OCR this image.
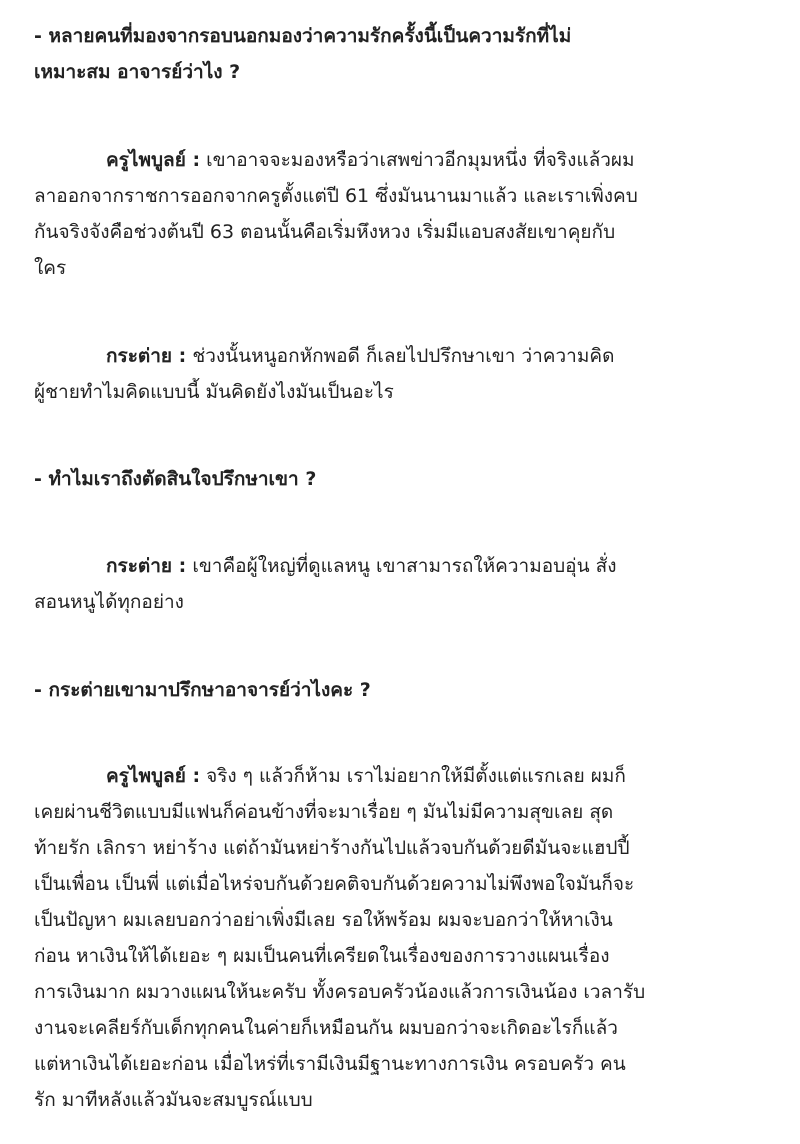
- หลายคนที่มองจากรอบนอกมองว่าความรักครั้งนี้เป็นความรักที่ไม่
เหมาะสม อาจารย์ว่าไง ?

ครูไพบูลย์ : เขาอาจจะมองหรือว่าเสพข่าวอีกมุมหนึ่ง ที่จริงแล้วผม
ลาออกจากราชการออกจากครูตั้งแต่ปี 61 ซึ่งมันนานมาแล้ว และเราเพิ่งคบ
กันจริงจังคือช่วงต้นปี 63 ตอนนั้นคือเริ่มหึงหวง เริ่มมีแอบสงสัยเขาคุยกับ
ใคร

กระต่าย : ช่วงนั้นหนูอกหักพอดี ก็เลยไปปรึกษาเขา ว่าความคิด
ผู้ชายทำไมคิดแบบนี้ มันคิดยังไงมันเป็นอะไร

- ทำไมเราถึงตัดสินใจปรึกษาเขา ?

กระต่าย : เขาคือผู้ใหญ่ที่ดูแลหนู เขาสามารถให้ความอบอุ่น สั่ง
สอนหนูได้ทุกอย่าง

- กระต่ายเขามาปรึกษาอาจารย์ว่าไงคะ ?

ครูไพบูลย์ : จริง ๆ แล้วก็ห้าม เราไม่อยากให้มีตั้งแต่แรกเลย ผมก็
เคยผ่านชีวิตแบบมีแฟนก็ค่อนข้างที่จะมาเรื่อย ๆ มันไม่มีความสุขเลย สุด
ท้ายรัก เลิกรา หย่าร้าง แต่ถ้ามันหย่าร้างกันไปแล้วจบกันด้วยดีมันจะแฮปปี้
เป็นเพื่อน เป็นพี่ แต่เมื่อไหร่จบกันด้วยคติจบกันด้วยความไม่พึงพอใจมันก็จะ
เป็นปัญหา ผมเลยบอกว่าอย่าเพิ่งมีเลย รอให้พร้อม ผมจะบอกว่าให้หาเงิน
ก่อน หาเงินให้ได้เยอะ ๆ ผมเป็นคนที่เครียดในเรื่องของการวางแผนเรื่อง
การเงินมาก ผมวางแผนให้นะครับ ทั้งครอบครัวน้องแล้วการเงินน้อง เวลารับ
งานจะเคลียร์กับเด็กทุกคนในค่ายก็เหมือนกัน ผมบอกว่าจะเกิดอะไรก็แล้ว
แต่หาเงินได้เยอะก่อน เมื่อไหร่ที่เรามีเงินมีฐานะทางการเงิน ครอบครัว คน
รัก มาทีหลังแล้วมันจะสมบูรณ์แบบ
